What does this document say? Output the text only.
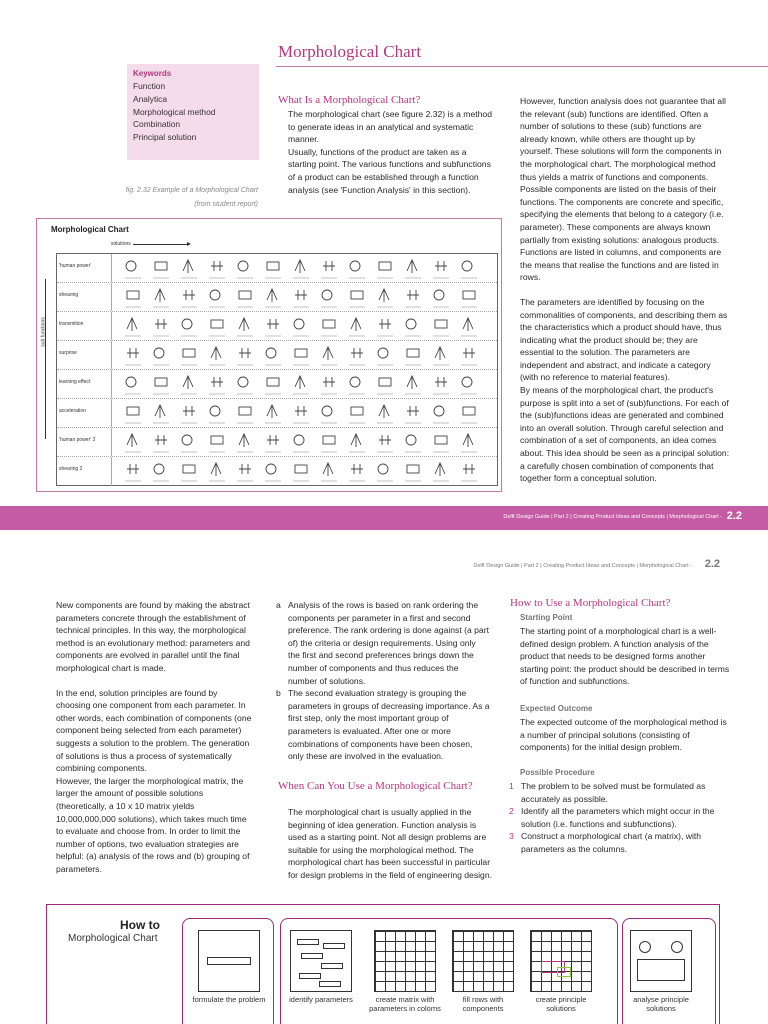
Morphological Chart
Keywords
Function
Analytica
Morphological method
Combination
Principal solution
fig. 2.32 Example of a Morphological Chart
(from student report)
What Is a Morphological Chart?
The morphological chart (see figure 2.32) is a method to generate ideas in an analytical and systematic manner.
Usually, functions of the product are taken as a starting point. The various functions and subfunctions of a product can be established through a function analysis (see 'Function Analysis' in this section).
However, function analysis does not guarantee that all the relevant (sub) functions are identified. Often a number of solutions to these (sub) functions are already known, while others are thought up by yourself. These solutions will form the components in the morphological chart. The morphological method thus yields a matrix of functions and components. Possible components are listed on the basis of their functions. The components are concrete and specific, specifying the elements that belong to a category (i.e. parameter). These components are always known partially from existing solutions: analogous products. Functions are listed in columns, and components are the means that realise the functions and are listed in rows.
The parameters are identified by focusing on the commonalities of components, and describing them as the characteristics which a product should have, thus indicating what the product should be; they are essential to the solution. The parameters are independent and abstract, and indicate a category (with no reference to material features).
By means of the morphological chart, the product's purpose is split into a set of (sub)functions. For each of the (sub)functions ideas are generated and combined into an overall solution. Through careful selection and combination of a set of components, an idea comes about. This idea should be seen as a principal solution: a carefully chosen combination of components that together form a conceptual solution.
Morphological Chart
solutions
sub functions
'human power'
shearing
transmition
surprise
learning effect
acceleration
'human power' 2
shearing 2
Delft Design Guide | Part 2 | Creating Product Ideas and Concepts | Morphological Chart - 2.2
Delft Design Guide | Part 2 | Creating Product Ideas and Concepts | Morphological Chart - 2.2
New components are found by making the abstract parameters concrete through the establishment of technical principles. In this way, the morphological method is an evolutionary method: parameters and components are evolved in parallel until the final morphological chart is made.
In the end, solution principles are found by choosing one component from each parameter. In other words, each combination of components (one component being selected from each parameter) suggests a solution to the problem. The generation of solutions is thus a process of systematically combining components.
However, the larger the morphological matrix, the larger the amount of possible solutions (theoretically, a 10 x 10 matrix yields 10,000,000,000 solutions), which takes much time to evaluate and choose from. In order to limit the number of options, two evaluation strategies are helpful: (a) analysis of the rows and (b) grouping of parameters.
a Analysis of the rows is based on rank ordering the components per parameter in a first and second preference. The rank ordering is done against (a part of) the criteria or design requirements. Using only the first and second preferences brings down the number of components and thus reduces the number of solutions.
b The second evaluation strategy is grouping the parameters in groups of decreasing importance. As a first step, only the most important group of parameters is evaluated. After one or more combinations of components have been chosen, only these are involved in the evaluation.
When Can You Use a Morphological Chart?
The morphological chart is usually applied in the beginning of idea generation. Function analysis is used as a starting point. Not all design problems are suitable for using the morphological method. The morphological chart has been successful in particular for design problems in the field of engineering design.
How to Use a Morphological Chart?
Starting Point
The starting point of a morphological chart is a well-defined design problem. A function analysis of the product that needs to be designed forms another starting point: the product should be described in terms of function and subfunctions.
Expected Outcome
The expected outcome of the morphological method is a number of principal solutions (consisting of components) for the initial design problem.
Possible Procedure
1 The problem to be solved must be formulated as accurately as possible.
2 Identify all the parameters which might occur in the solution (i.e. functions and subfunctions).
3 Construct a morphological chart (a matrix), with parameters as the columns.
How to
Morphological Chart
formulate the problem	identify parameters	create matrix with parameters in coloms
fill rows with components
create principle solutions
analyse principle solutions
